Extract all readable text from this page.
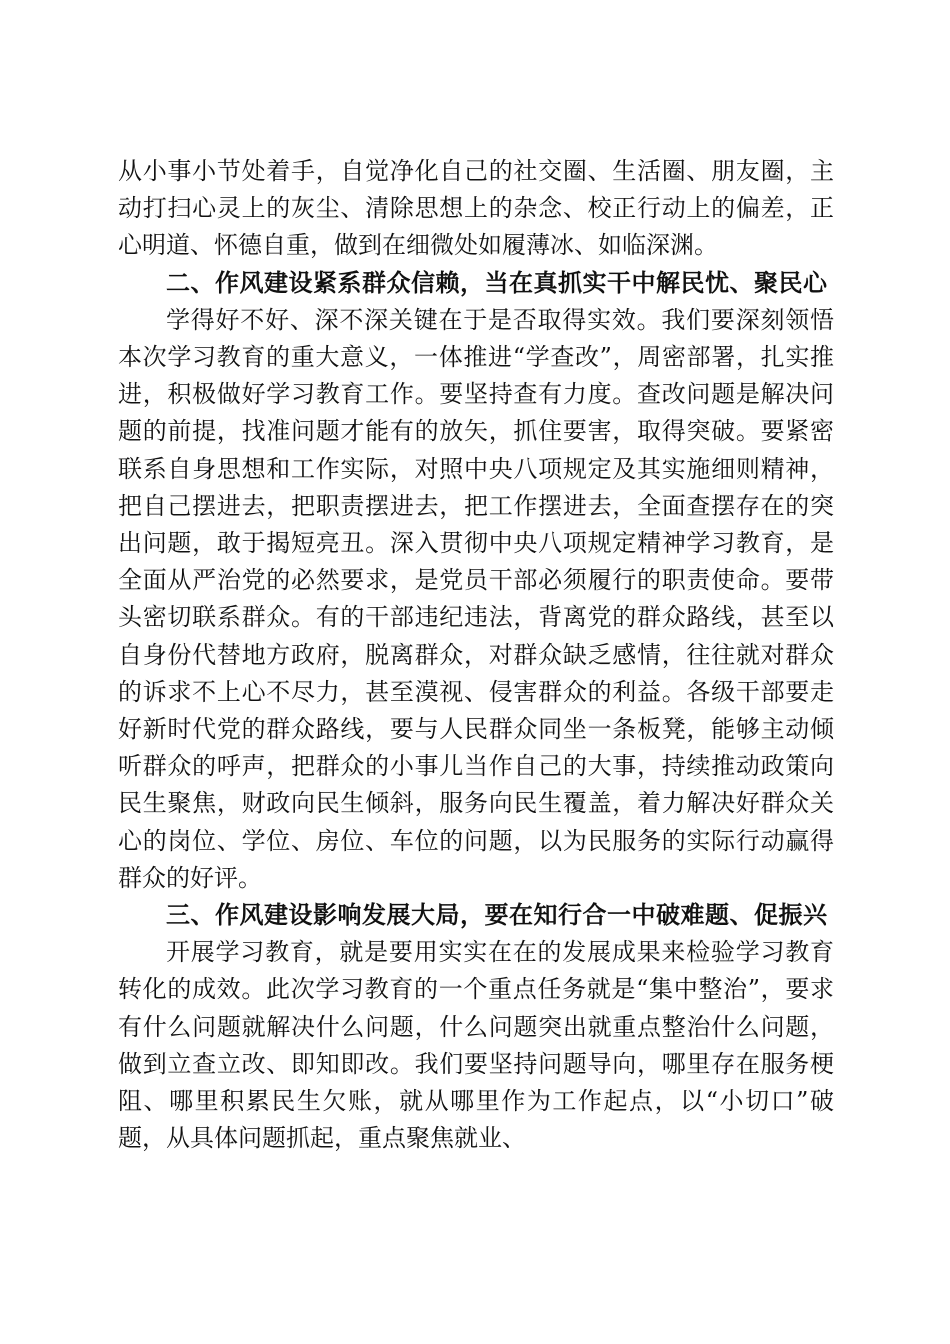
从小事小节处着手，自觉净化自己的社交圈、生活圈、朋友圈，主动打扫心灵上的灰尘、清除思想上的杂念、校正行动上的偏差，正心明道、怀德自重，做到在细微处如履薄冰、如临深渊。

二、作风建设紧系群众信赖，当在真抓实干中解民忧、聚民心

学得好不好、深不深关键在于是否取得实效。我们要深刻领悟本次学习教育的重大意义，一体推进“学查改”，周密部署，扎实推进，积极做好学习教育工作。要坚持查有力度。查改问题是解决问题的前提，找准问题才能有的放矢，抓住要害，取得突破。要紧密联系自身思想和工作实际，对照中央八项规定及其实施细则精神，把自己摆进去，把职责摆进去，把工作摆进去，全面查摆存在的突出问题，敢于揭短亮丑。深入贯彻中央八项规定精神学习教育，是全面从严治党的必然要求，是党员干部必须履行的职责使命。要带头密切联系群众。有的干部违纪违法，背离党的群众路线，甚至以自身份代替地方政府，脱离群众，对群众缺乏感情，往往就对群众的诉求不上心不尽力，甚至漠视、侵害群众的利益。各级干部要走好新时代党的群众路线，要与人民群众同坐一条板凳，能够主动倾听群众的呼声，把群众的小事儿当作自己的大事，持续推动政策向民生聚焦，财政向民生倾斜，服务向民生覆盖，着力解决好群众关心的岗位、学位、房位、车位的问题，以为民服务的实际行动赢得群众的好评。

三、作风建设影响发展大局，要在知行合一中破难题、促振兴

开展学习教育，就是要用实实在在的发展成果来检验学习教育转化的成效。此次学习教育的一个重点任务就是“集中整治”，要求有什么问题就解决什么问题，什么问题突出就重点整治什么问题，做到立查立改、即知即改。我们要坚持问题导向，哪里存在服务梗阻、哪里积累民生欠账，就从哪里作为工作起点，以“小切口”破题，从具体问题抓起，重点聚焦就业、
